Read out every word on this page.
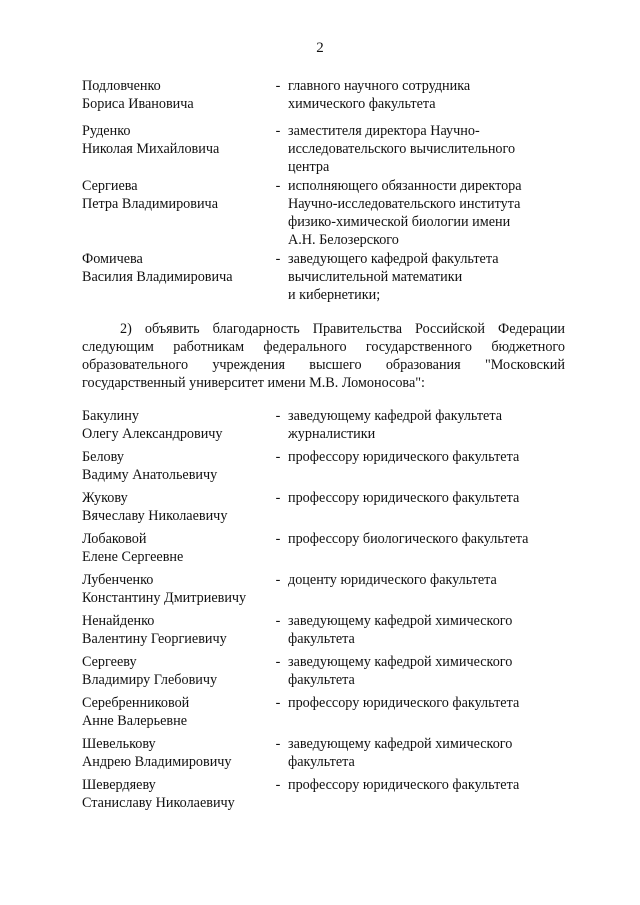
2
Подловченко
Бориса Ивановича
- главного научного сотрудника
химического факультета
Руденко
Николая Михайловича
- заместителя директора Научно-
исследовательского вычислительного
центра
Сергиева
Петра Владимировича
- исполняющего обязанности директора
Научно-исследовательского института
физико-химической биологии имени
А.Н. Белозерского
Фомичева
Василия Владимировича
- заведующего кафедрой факультета
вычислительной математики
и кибернетики;
2) объявить благодарность Правительства Российской Федерации
следующим работникам федерального государственного бюджетного
образовательного учреждения высшего образования "Московский
государственный университет имени М.В. Ломоносова":
Бакулину
Олегу Александровичу
- заведующему кафедрой факультета
журналистики
Белову
Вадиму Анатольевичу
- профессору юридического факультета
Жукову
Вячеславу Николаевичу
- профессору юридического факультета
Лобаковой
Елене Сергеевне
- профессору биологического факультета
Лубенченко
Константину Дмитриевичу
- доценту юридического факультета
Ненайденко
Валентину Георгиевичу
- заведующему кафедрой химического
факультета
Сергееву
Владимиру Глебовичу
- заведующему кафедрой химического
факультета
Серебренниковой
Анне Валерьевне
- профессору юридического факультета
Шевелькову
Андрею Владимировичу
- заведующему кафедрой химического
факультета
Шевердяеву
Станиславу Николаевичу
- профессору юридического факультета
